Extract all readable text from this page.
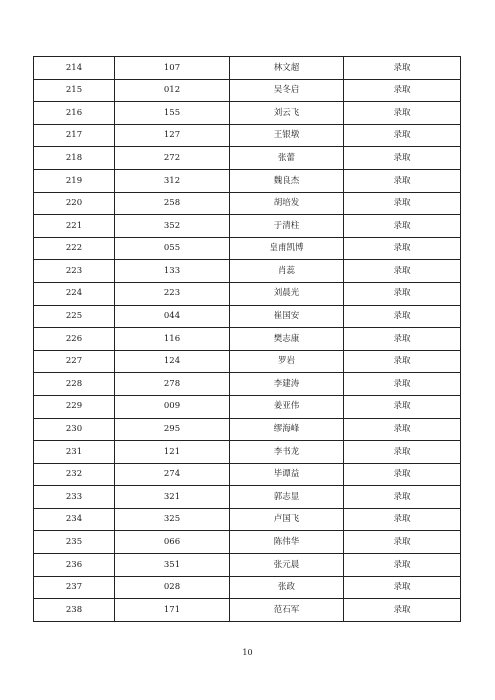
214	107	林文超	录取
215	012	吴冬启	录取
216	155	刘云飞	录取
217	127	王银墩	录取
218	272	张蕾	录取
219	312	魏良杰	录取
220	258	胡培发	录取
221	352	于清柱	录取
222	055	皇甫凯博	录取
223	133	肖蕊	录取
224	223	刘晨光	录取
225	044	崔国安	录取
226	116	樊志康	录取
227	124	罗岩	录取
228	278	李建涛	录取
229	009	姜亚伟	录取
230	295	缪海峰	录取
231	121	李书龙	录取
232	274	毕谭益	录取
233	321	郭志显	录取
234	325	卢国飞	录取
235	066	陈伟华	录取
236	351	张元晨	录取
237	028	张政	录取
238	171	范石军	录取
10
